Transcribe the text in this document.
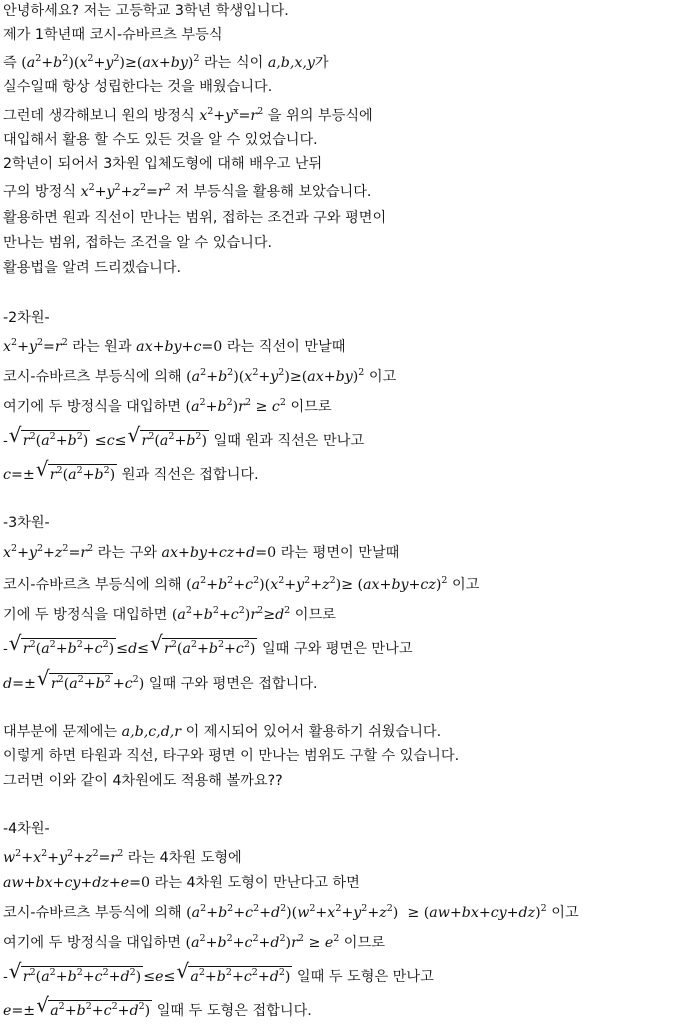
안녕하세요? 저는 고등학교 3학년 학생입니다.
제가 1학년때 코시-슈바르츠 부등식
즉 $(a^2+b^2)(x^2+y^2)\ge(ax+by)^2$ 라는 식이 a,b,x,y가
실수일때 항상 성립한다는 것을 배웠습니다.
그런데 생각해보니 원의 방정식 $x^2+y^x=r^2$ 을 위의 부등식에
대입해서 활용 할 수도 있든 것을 알 수 있었습니다.
2학년이 되어서 3차원 입체도형에 대해 배우고 난뒤
구의 방정식 $x^2+y^2+z^2=r^2$ 저 부등식을 활용해 보았습니다.
활용하면 원과 직선이 만나는 범위, 접하는 조건과 구와 평면이
만나는 범위, 접하는 조건을 알 수 있습니다.
활용법을 알려 드리겠습니다.
-2차원-
$x^2+y^2=r^2$ 라는 원과 ax+by+c=0 라는 직선이 만날때
코시-슈바르츠 부등식에 의해 $(a^2+b^2)(x^2+y^2)\ge(ax+by)^2$ 이고
여기에 두 방정식을 대입하면 $(a^2+b^2)r^2 \ge c^2$ 이므로
- √ $r^2(a^2+b^2) \le c\le$ √ $r^2(a^2+b^2)$ 일때 원과 직선은 만나고
c=± √ $r^2(a^2+b^2)$ 원과 직선은 접합니다.
-3차원-
$x^2+y^2+z^2=r^2$ 라는 구와 ax+by+cz+d=0 라는 평면이 만날때
코시-슈바르츠 부등식에 의해 $(a^2+b^2+c^2)(x^2+y^2+z^2)\ge (ax+by+cz)^2$ 이고
기에 두 방정식을 대입하면 $(a^2+b^2+c^2)r^2\ge d^2$ 이므로
- √ $r^2(a^2+b^2+c^2) \le d\le$ √ $r^2(a^2+b^2+c^2)$ 일때 구와 평면은 만나고
d=± √ $r^2(a^2+b^2 +c^2)$ 일때 구와 평면은 접합니다.
대부분에 문제에는 a,b,c,d,r 이 제시되어 있어서 활용하기 쉬웠습니다.
이렇게 하면 타원과 직선, 타구와 평면 이 만나는 범위도 구할 수 있습니다.
그러면 이와 같이 4차원에도 적용해 볼까요??
-4차원-
$w^2+x^2+y^2+z^2=r^2$ 라는 4차원 도형에
aw+bx+cy+dz+e=0 라는 4차원 도형이 만난다고 하면
코시-슈바르츠 부등식에 의해 $(a^2+b^2+c^2+d^2)(w^2+x^2+y^2+z^2) \ge (aw+bx+cy+dz)^2$ 이고
여기에 두 방정식을 대입하면 $(a^2+b^2+c^2+d^2)r^2 \ge e^2$ 이므로
- √ $r^2(a^2+b^2+c^2+d^2) \le e\le$ √ $a^2+b^2+c^2+d^2$) 일때 두 도형은 만나고
e=± √ $a^2+b^2+c^2+d^2$) 일때 두 도형은 접합니다.
